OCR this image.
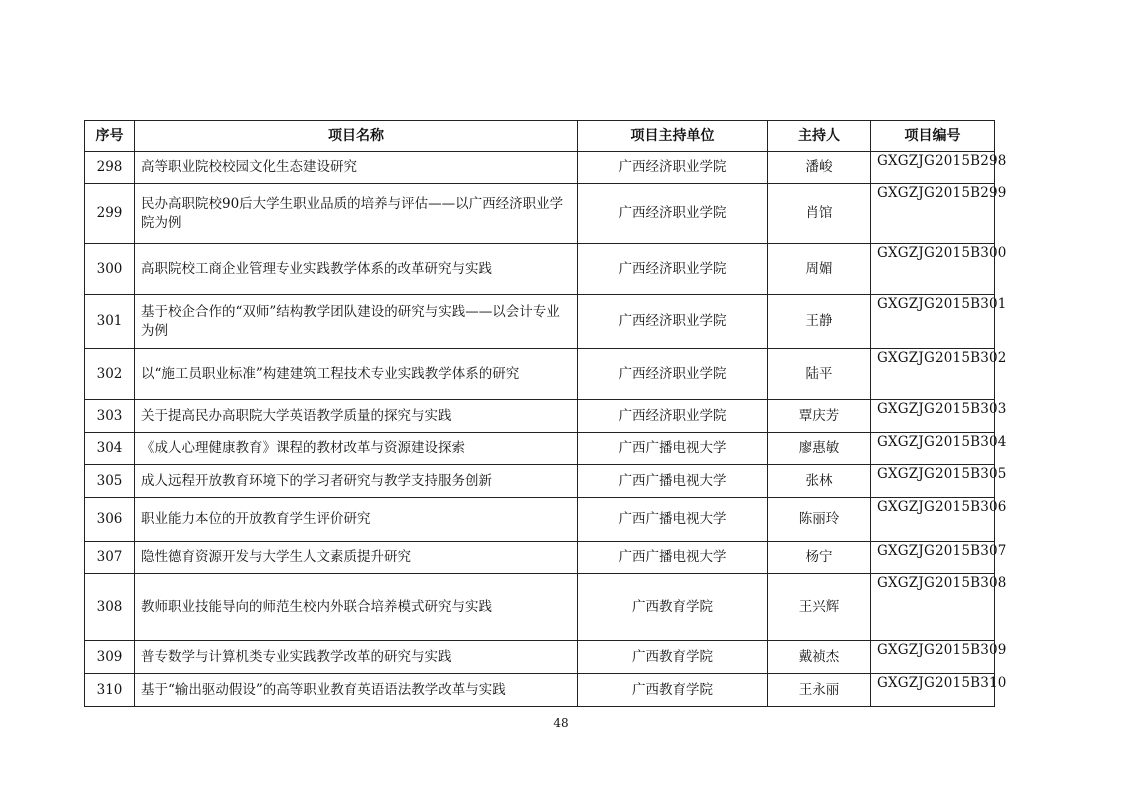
序号	项目名称	项目主持单位	主持人	项目编号
298	高等职业院校校园文化生态建设研究	广西经济职业学院	潘峻	GXGZJG2015B298
299	民办高职院校90后大学生职业品质的培养与评估——以广西经济职业学院为例	广西经济职业学院	肖馆	GXGZJG2015B299
300	高职院校工商企业管理专业实践教学体系的改革研究与实践	广西经济职业学院	周媚	GXGZJG2015B300
301	基于校企合作的“双师”结构教学团队建设的研究与实践——以会计专业为例	广西经济职业学院	王静	GXGZJG2015B301
302	以“施工员职业标准”构建建筑工程技术专业实践教学体系的研究	广西经济职业学院	陆平	GXGZJG2015B302
303	关于提高民办高职院大学英语教学质量的探究与实践	广西经济职业学院	覃庆芳	GXGZJG2015B303
304	《成人心理健康教育》课程的教材改革与资源建设探索	广西广播电视大学	廖惠敏	GXGZJG2015B304
305	成人远程开放教育环境下的学习者研究与教学支持服务创新	广西广播电视大学	张林	GXGZJG2015B305
306	职业能力本位的开放教育学生评价研究	广西广播电视大学	陈丽玲	GXGZJG2015B306
307	隐性德育资源开发与大学生人文素质提升研究	广西广播电视大学	杨宁	GXGZJG2015B307
308	教师职业技能导向的师范生校内外联合培养模式研究与实践	广西教育学院	王兴辉	GXGZJG2015B308
309	普专数学与计算机类专业实践教学改革的研究与实践	广西教育学院	戴祯杰	GXGZJG2015B309
310	基于“输出驱动假设”的高等职业教育英语语法教学改革与实践	广西教育学院	王永丽	GXGZJG2015B310
48
